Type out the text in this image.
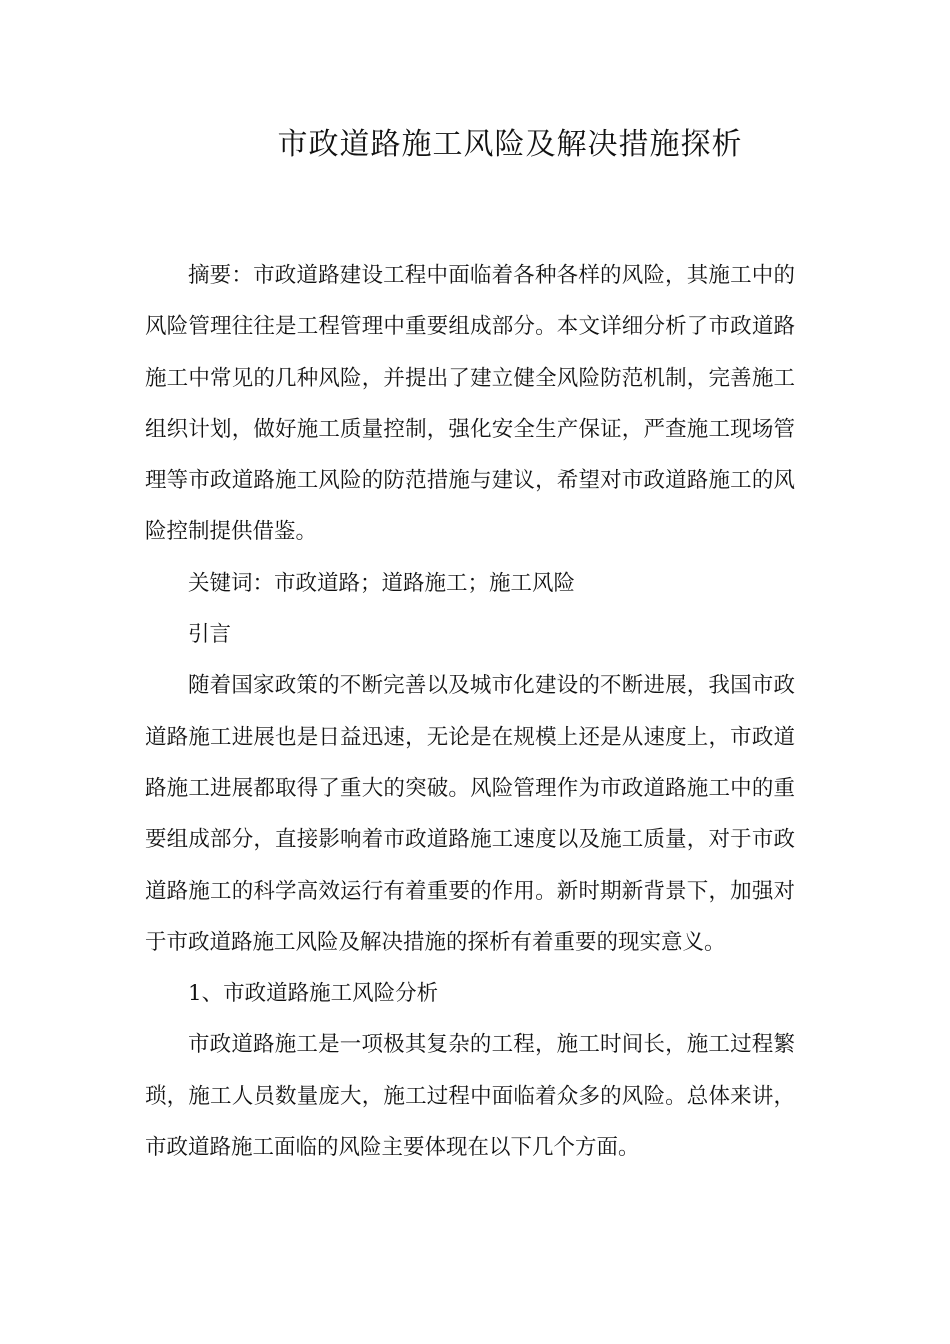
市政道路施工风险及解决措施探析

摘要：市政道路建设工程中面临着各种各样的风险，其施工中的风险管理往往是工程管理中重要组成部分。本文详细分析了市政道路施工中常见的几种风险，并提出了建立健全风险防范机制，完善施工组织计划，做好施工质量控制，强化安全生产保证，严查施工现场管理等市政道路施工风险的防范措施与建议，希望对市政道路施工的风险控制提供借鉴。

关键词：市政道路；道路施工；施工风险

引言

随着国家政策的不断完善以及城市化建设的不断进展，我国市政道路施工进展也是日益迅速，无论是在规模上还是从速度上，市政道路施工进展都取得了重大的突破。风险管理作为市政道路施工中的重要组成部分，直接影响着市政道路施工速度以及施工质量，对于市政道路施工的科学高效运行有着重要的作用。新时期新背景下，加强对于市政道路施工风险及解决措施的探析有着重要的现实意义。

1、市政道路施工风险分析

市政道路施工是一项极其复杂的工程，施工时间长，施工过程繁琐，施工人员数量庞大，施工过程中面临着众多的风险。总体来讲，市政道路施工面临的风险主要体现在以下几个方面。
